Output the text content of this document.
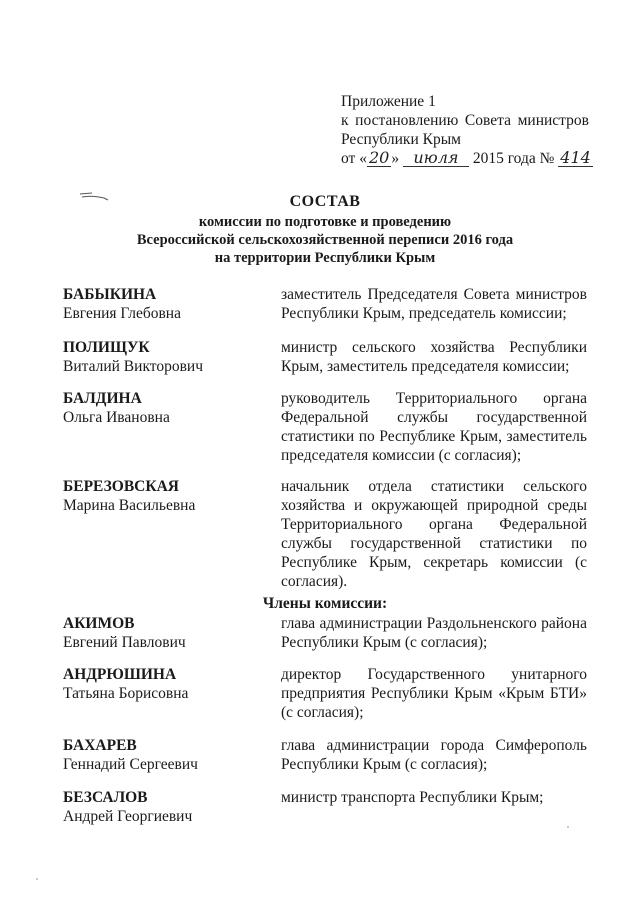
Приложение 1
к постановлению Совета министров
Республики Крым
от « 20 » июля 2015 года № 414
СОСТАВ
комиссии по подготовке и проведению
Всероссийской сельскохозяйственной переписи 2016 года
на территории Республики Крым
БАБЫКИНА
Евгения Глебовна
заместитель Председателя Совета министров Республики Крым, председатель комиссии;
ПОЛИЩУК
Виталий Викторович
министр сельского хозяйства Республики Крым, заместитель председателя комиссии;
БАЛДИНА
Ольга Ивановна
руководитель Территориального органа Федеральной службы государственной статистики по Республике Крым, заместитель председателя комиссии (с согласия);
БЕРЕЗОВСКАЯ
Марина Васильевна
начальник отдела статистики сельского хозяйства и окружающей природной среды Территориального органа Федеральной службы государственной статистики по Республике Крым, секретарь комиссии (с согласия).
Члены комиссии:
АКИМОВ
Евгений Павлович
глава администрации Раздольненского района Республики Крым (с согласия);
АНДРЮШИНА
Татьяна Борисовна
директор Государственного унитарного предприятия Республики Крым «Крым БТИ» (с согласия);
БАХАРЕВ
Геннадий Сергеевич
глава администрации города Симферополь Республики Крым (с согласия);
БЕЗСАЛОВ
Андрей Георгиевич
министр транспорта Республики Крым;
